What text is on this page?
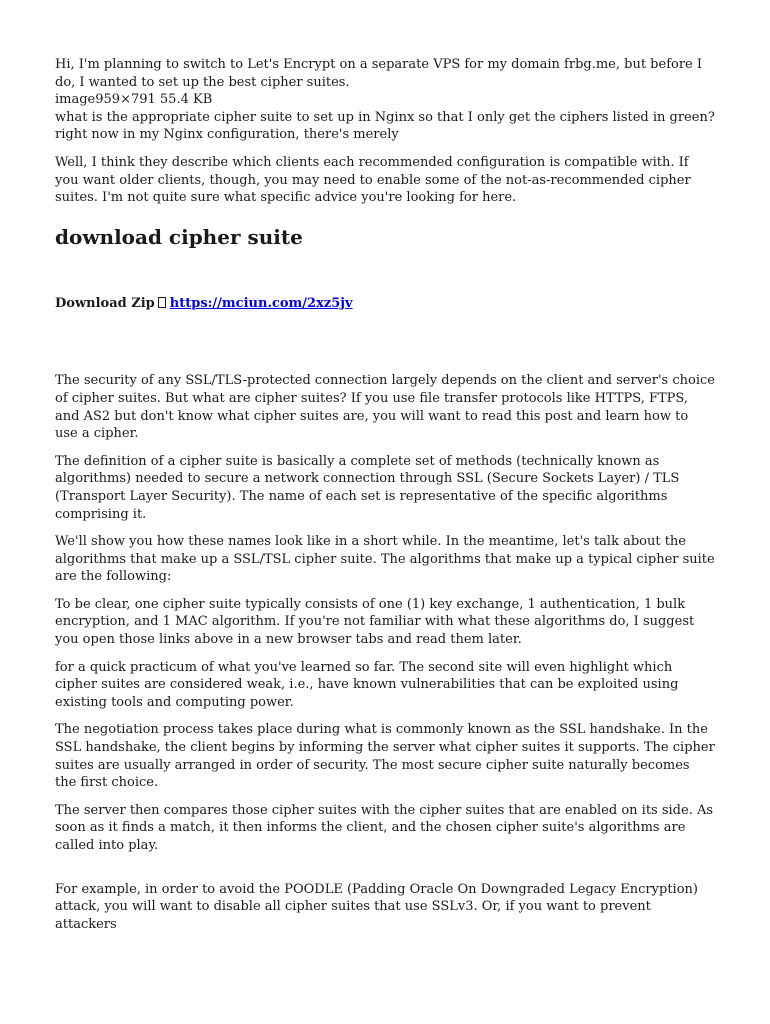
Hi, I'm planning to switch to Let's Encrypt on a separate VPS for my domain frbg.me, but before I do, I wanted to set up the best cipher suites.

image959×791 55.4 KB

what is the appropriate cipher suite to set up in Nginx so that I only get the ciphers listed in green? right now in my Nginx configuration, there's merely

Well, I think they describe which clients each recommended configuration is compatible with. If you want older clients, though, you may need to enable some of the not-as-recommended cipher suites. I'm not quite sure what specific advice you're looking for here.

download cipher suite
Download Zip https://mciun.com/2xz5jv

The security of any SSL/TLS-protected connection largely depends on the client and server's choice of cipher suites. But what are cipher suites? If you use file transfer protocols like HTTPS, FTPS, and AS2 but don't know what cipher suites are, you will want to read this post and learn how to use a cipher.

The definition of a cipher suite is basically a complete set of methods (technically known as algorithms) needed to secure a network connection through SSL (Secure Sockets Layer) / TLS (Transport Layer Security). The name of each set is representative of the specific algorithms comprising it.

We'll show you how these names look like in a short while. In the meantime, let's talk about the algorithms that make up a SSL/TSL cipher suite. The algorithms that make up a typical cipher suite are the following:

To be clear, one cipher suite typically consists of one (1) key exchange, 1 authentication, 1 bulk encryption, and 1 MAC algorithm. If you're not familiar with what these algorithms do, I suggest you open those links above in a new browser tabs and read them later.

for a quick practicum of what you've learned so far. The second site will even highlight which cipher suites are considered weak, i.e., have known vulnerabilities that can be exploited using existing tools and computing power.

The negotiation process takes place during what is commonly known as the SSL handshake. In the SSL handshake, the client begins by informing the server what cipher suites it supports. The cipher suites are usually arranged in order of security. The most secure cipher suite naturally becomes the first choice.

The server then compares those cipher suites with the cipher suites that are enabled on its side. As soon as it finds a match, it then informs the client, and the chosen cipher suite's algorithms are called into play.

For example, in order to avoid the POODLE (Padding Oracle On Downgraded Legacy Encryption) attack, you will want to disable all cipher suites that use SSLv3. Or, if you want to prevent attackers
